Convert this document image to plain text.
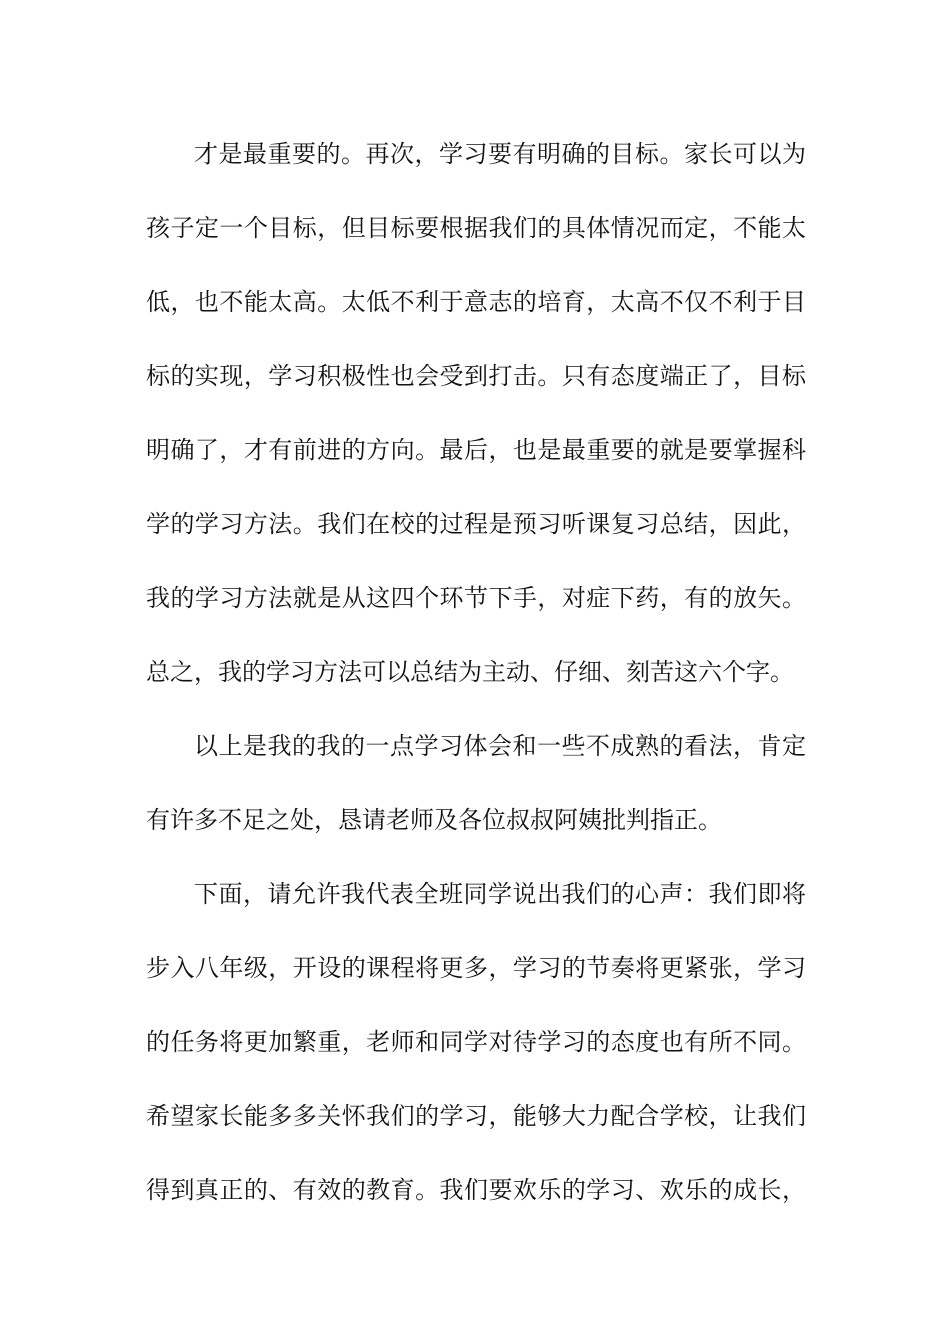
才是最重要的。再次，学习要有明确的目标。家长可以为
孩子定一个目标，但目标要根据我们的具体情况而定，不能太
低，也不能太高。太低不利于意志的培育，太高不仅不利于目
标的实现，学习积极性也会受到打击。只有态度端正了，目标
明确了，才有前进的方向。最后，也是最重要的就是要掌握科
学的学习方法。我们在校的过程是预习听课复习总结，因此，
我的学习方法就是从这四个环节下手，对症下药，有的放矢。
总之，我的学习方法可以总结为主动、仔细、刻苦这六个字。
以上是我的我的一点学习体会和一些不成熟的看法，肯定
有许多不足之处，恳请老师及各位叔叔阿姨批判指正。
下面，请允许我代表全班同学说出我们的心声：我们即将
步入八年级，开设的课程将更多，学习的节奏将更紧张，学习
的任务将更加繁重，老师和同学对待学习的态度也有所不同。
希望家长能多多关怀我们的学习，能够大力配合学校，让我们
得到真正的、有效的教育。我们要欢乐的学习、欢乐的成长，
